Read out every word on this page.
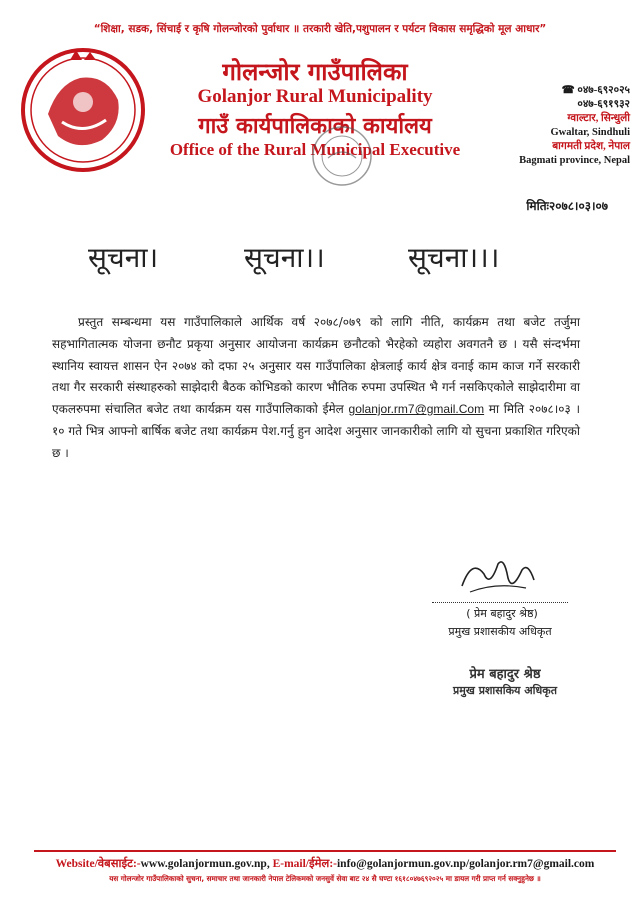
“शिक्षा, सडक, सिंचाई र कृषि गोलन्जोरको पुर्वाधार ॥ तरकारी खेति,पशुपालन र पर्यटन विकास समृद्धिको मूल आधार”
गोलन्जोर गाउँपालिका
Golanjor Rural Municipality
गाउँ कार्यपालिकाको कार्यालय
Office of the Rural Municipal Executive
☎ ०४७-६९२०२५
०४७-६९१९३२
ग्वाल्टार, सिन्धुली
Gwaltar, Sindhuli
बागमती प्रदेश, नेपाल
Bagmati province, Nepal
मितिः२०७८।०३।०७
सूचना।	सूचना।।	सूचना।।।

प्रस्तुत सम्बन्धमा यस गाउँपालिकाले आर्थिक वर्ष २०७८/०७९ को लागि नीति, कार्यक्रम तथा बजेट तर्जुमा सहभागितात्मक योजना छनौट प्रकृया अनुसार आयोजना कार्यक्रम छनौटको भैरहेको व्यहोरा अवगतनै छ । यसै संन्दर्भमा स्थानिय स्वायत्त शासन ऐन २०७४ को दफा २५ अनुसार यस गाउँपालिका क्षेत्रलाई कार्य क्षेत्र वनाई काम काज गर्ने सरकारी तथा गैर सरकारी संस्थाहरुको साझेदारी बैठक कोभिडको कारण भौतिक रुपमा उपस्थित भै गर्न नसकिएकोले साझेदारीमा वा एकलरुपमा संचालित बजेट तथा कार्यक्रम यस गाउँपालिकाको ईमेल golanjor.rm7@gmail.Com मा मिति २०७८।०३ ।१० गते भित्र आफ्नो बार्षिक बजेट तथा कार्यक्रम पेश.गर्नु हुन आदेश अनुसार जानकारीको लागि यो सुचना प्रकाशित गरिएको छ ।

( प्रेम बहादुर श्रेष्ठ)
प्रमुख प्रशासकीय अधिकृत
प्रेम बहादुर श्रेष्ठ
प्रमुख प्रशासकिय अधिकृत
Website/वेबसाईट:-www.golanjormun.gov.np, E-mail/ईमेल:-info@golanjormun.gov.np/golanjor.rm7@gmail.com
यस गोलन्जोर गाउँपालिकाको सुचना, समाचार तथा जानकारी नेपाल टेलिकमको जनसुर्वे सेवा बाट २४ सै घण्टा १६१८०४७६९२०२५ मा डायल गरी प्राप्त गर्न सक्नुहुनेछ ॥
